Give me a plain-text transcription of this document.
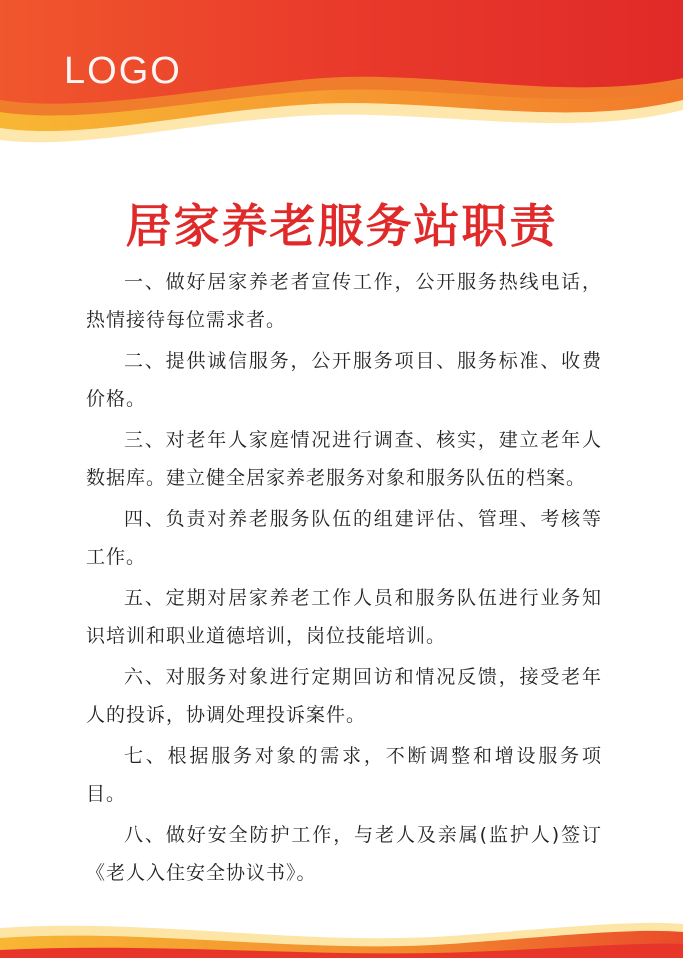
LOGO
居家养老服务站职责

一、做好居家养老者宣传工作，公开服务热线电话，热情接待每位需求者。

二、提供诚信服务，公开服务项目、服务标准、收费价格。

三、对老年人家庭情况进行调查、核实，建立老年人数据库。建立健全居家养老服务对象和服务队伍的档案。

四、负责对养老服务队伍的组建评估、管理、考核等工作。

五、定期对居家养老工作人员和服务队伍进行业务知识培训和职业道德培训，岗位技能培训。

六、对服务对象进行定期回访和情况反馈，接受老年人的投诉，协调处理投诉案件。

七、根据服务对象的需求，不断调整和增设服务项目。

八、做好安全防护工作，与老人及亲属(监护人)签订《老人入住安全协议书》。
